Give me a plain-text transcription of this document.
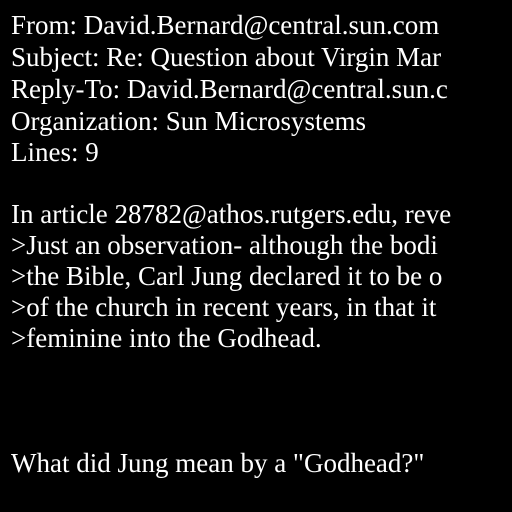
From: David.Bernard@central.sun.com
Subject: Re: Question about Virgin Mar
Reply-To: David.Bernard@central.sun.c
Organization: Sun Microsystems
Lines: 9
In article 28782@athos.rutgers.edu, reve
>Just an observation- although the bodi
>the Bible, Carl Jung declared it to be o
>of the church in recent years, in that it
>feminine into the Godhead.
What did Jung mean by a "Godhead?"
